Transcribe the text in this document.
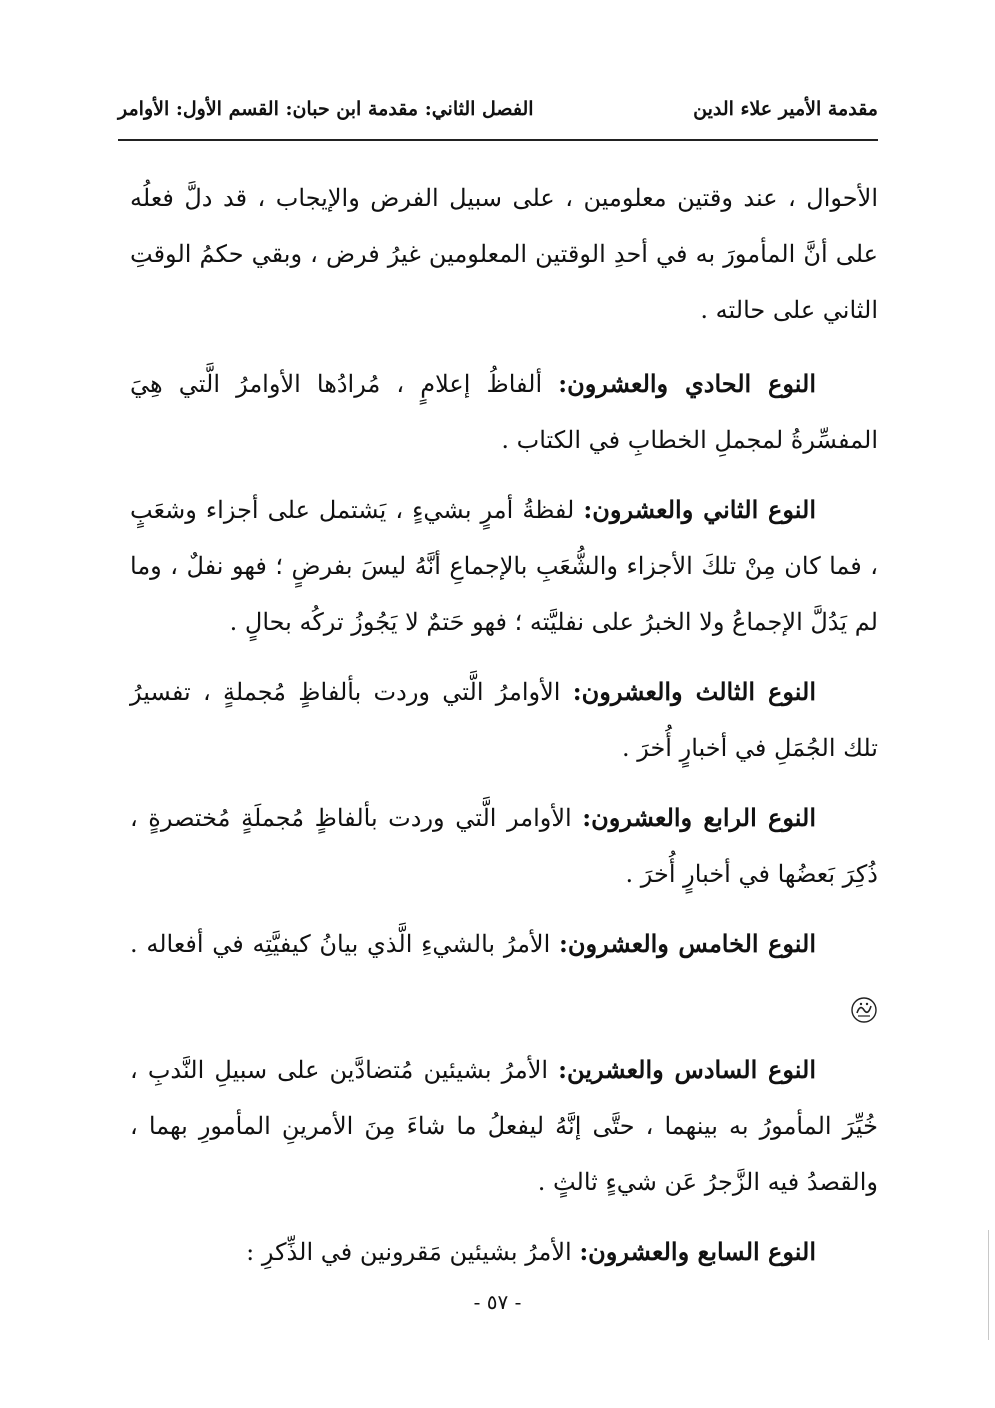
مقدمة الأمير علاء الدين
الفصل الثاني: مقدمة ابن حبان: القسم الأول: الأوامر

الأحوال ، عند وقتين معلومين ، على سبيل الفرض والإيجاب ، قد دلَّ فعلُه على أنَّ المأمورَ به في أحدِ الوقتين المعلومين غيرُ فرض ، وبقي حكمُ الوقتِ الثاني على حالته .

النوع الحادي والعشرون: ألفاظُ إعلامٍ ، مُرادُها الأوامرُ الَّتي هِيَ المفسِّرةُ لمجملِ الخطابِ في الكتاب .

النوع الثاني والعشرون: لفظةُ أمرٍ بشيءٍ ، يَشتمل على أجزاء وشعَبٍ ، فما كان مِنْ تلكَ الأجزاء والشُّعَبِ بالإجماعِ أنَّهُ ليسَ بفرضٍ ؛ فهو نفلٌ ، وما لم يَدُلَّ الإجماعُ ولا الخبرُ على نفليَّته ؛ فهو حَتمٌ لا يَجُوزُ تركُه بحالٍ .

النوع الثالث والعشرون: الأوامرُ الَّتي وردت بألفاظٍ مُجملةٍ ، تفسيرُ تلك الجُمَلِ في أخبارٍ أُخرَ .

النوع الرابع والعشرون: الأوامر الَّتي وردت بألفاظٍ مُجملَةٍ مُختصرةٍ ، ذُكِرَ بَعضُها في أخبارٍ أُخرَ .

النوع الخامس والعشرون: الأمرُ بالشيءِ الَّذي بيانُ كيفيَّتِه في أفعاله .

النوع السادس والعشرين: الأمرُ بشيئين مُتضادَّين على سبيلِ النَّدبِ ، خُيِّرَ المأمورُ به بينهما ، حتَّى إنَّهُ ليفعلُ ما شاءَ مِنَ الأمرينِ المأمورِ بهما ، والقصدُ فيه الزَّجرُ عَن شيءٍ ثالثٍ .

النوع السابع والعشرون: الأمرُ بشيئين مَقرونين في الذِّكرِ :

- ٥٧ -
